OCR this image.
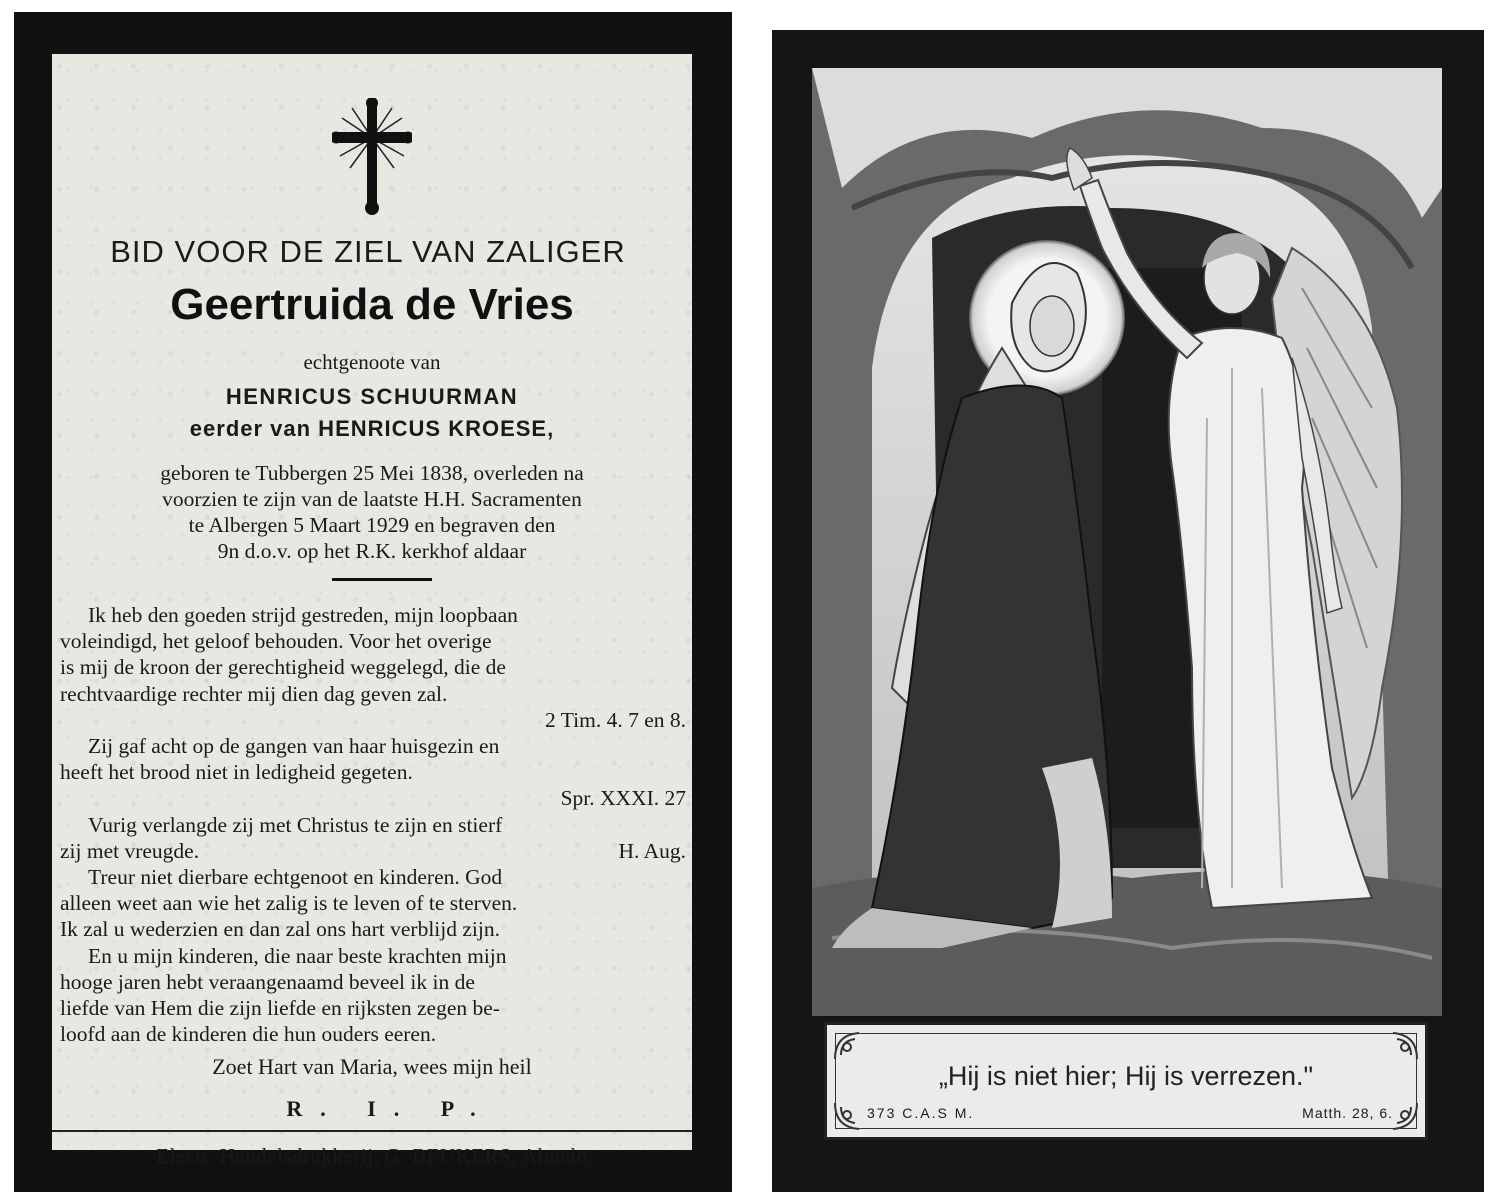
BID VOOR DE ZIEL VAN ZALIGER
Geertruida de Vries
echtgenoote van
HENRICUS SCHUURMAN
eerder van HENRICUS KROESE,
geboren te Tubbergen 25 Mei 1838, overleden na
voorzien te zijn van de laatste H.H. Sacramenten
te Albergen 5 Maart 1929 en begraven den
9n d.o.v. op het R.K. kerkhof aldaar
Ik heb den goeden strijd gestreden, mijn loopbaan
voleindigd, het geloof behouden. Voor het overige
is mij de kroon der gerechtigheid weggelegd, die de
rechtvaardige rechter mij dien dag geven zal.
2 Tim. 4. 7 en 8.
Zij gaf acht op de gangen van haar huisgezin en
heeft het brood niet in ledigheid gegeten.
Spr. XXXI. 27
Vurig verlangde zij met Christus te zijn en stierf
zij met vreugde.	H. Aug.
Treur niet dierbare echtgenoot en kinderen. God
alleen weet aan wie het zalig is te leven of te sterven.
Ik zal u wederzien en dan zal ons hart verblijd zijn.
En u mijn kinderen, die naar beste krachten mijn
hooge jaren hebt veraangenaamd beveel ik in de
liefde van Hem die zijn liefde en rijksten zegen be-
loofd aan de kinderen die hun ouders eeren.
Zoet Hart van Maria, wees mijn heil
R. I. P.
Electr. Handelsdrukkerij, G. BEUKERS, Almelo
„Hij is niet hier; Hij is verrezen."
373 C.A.S M.	Matth. 28, 6.
